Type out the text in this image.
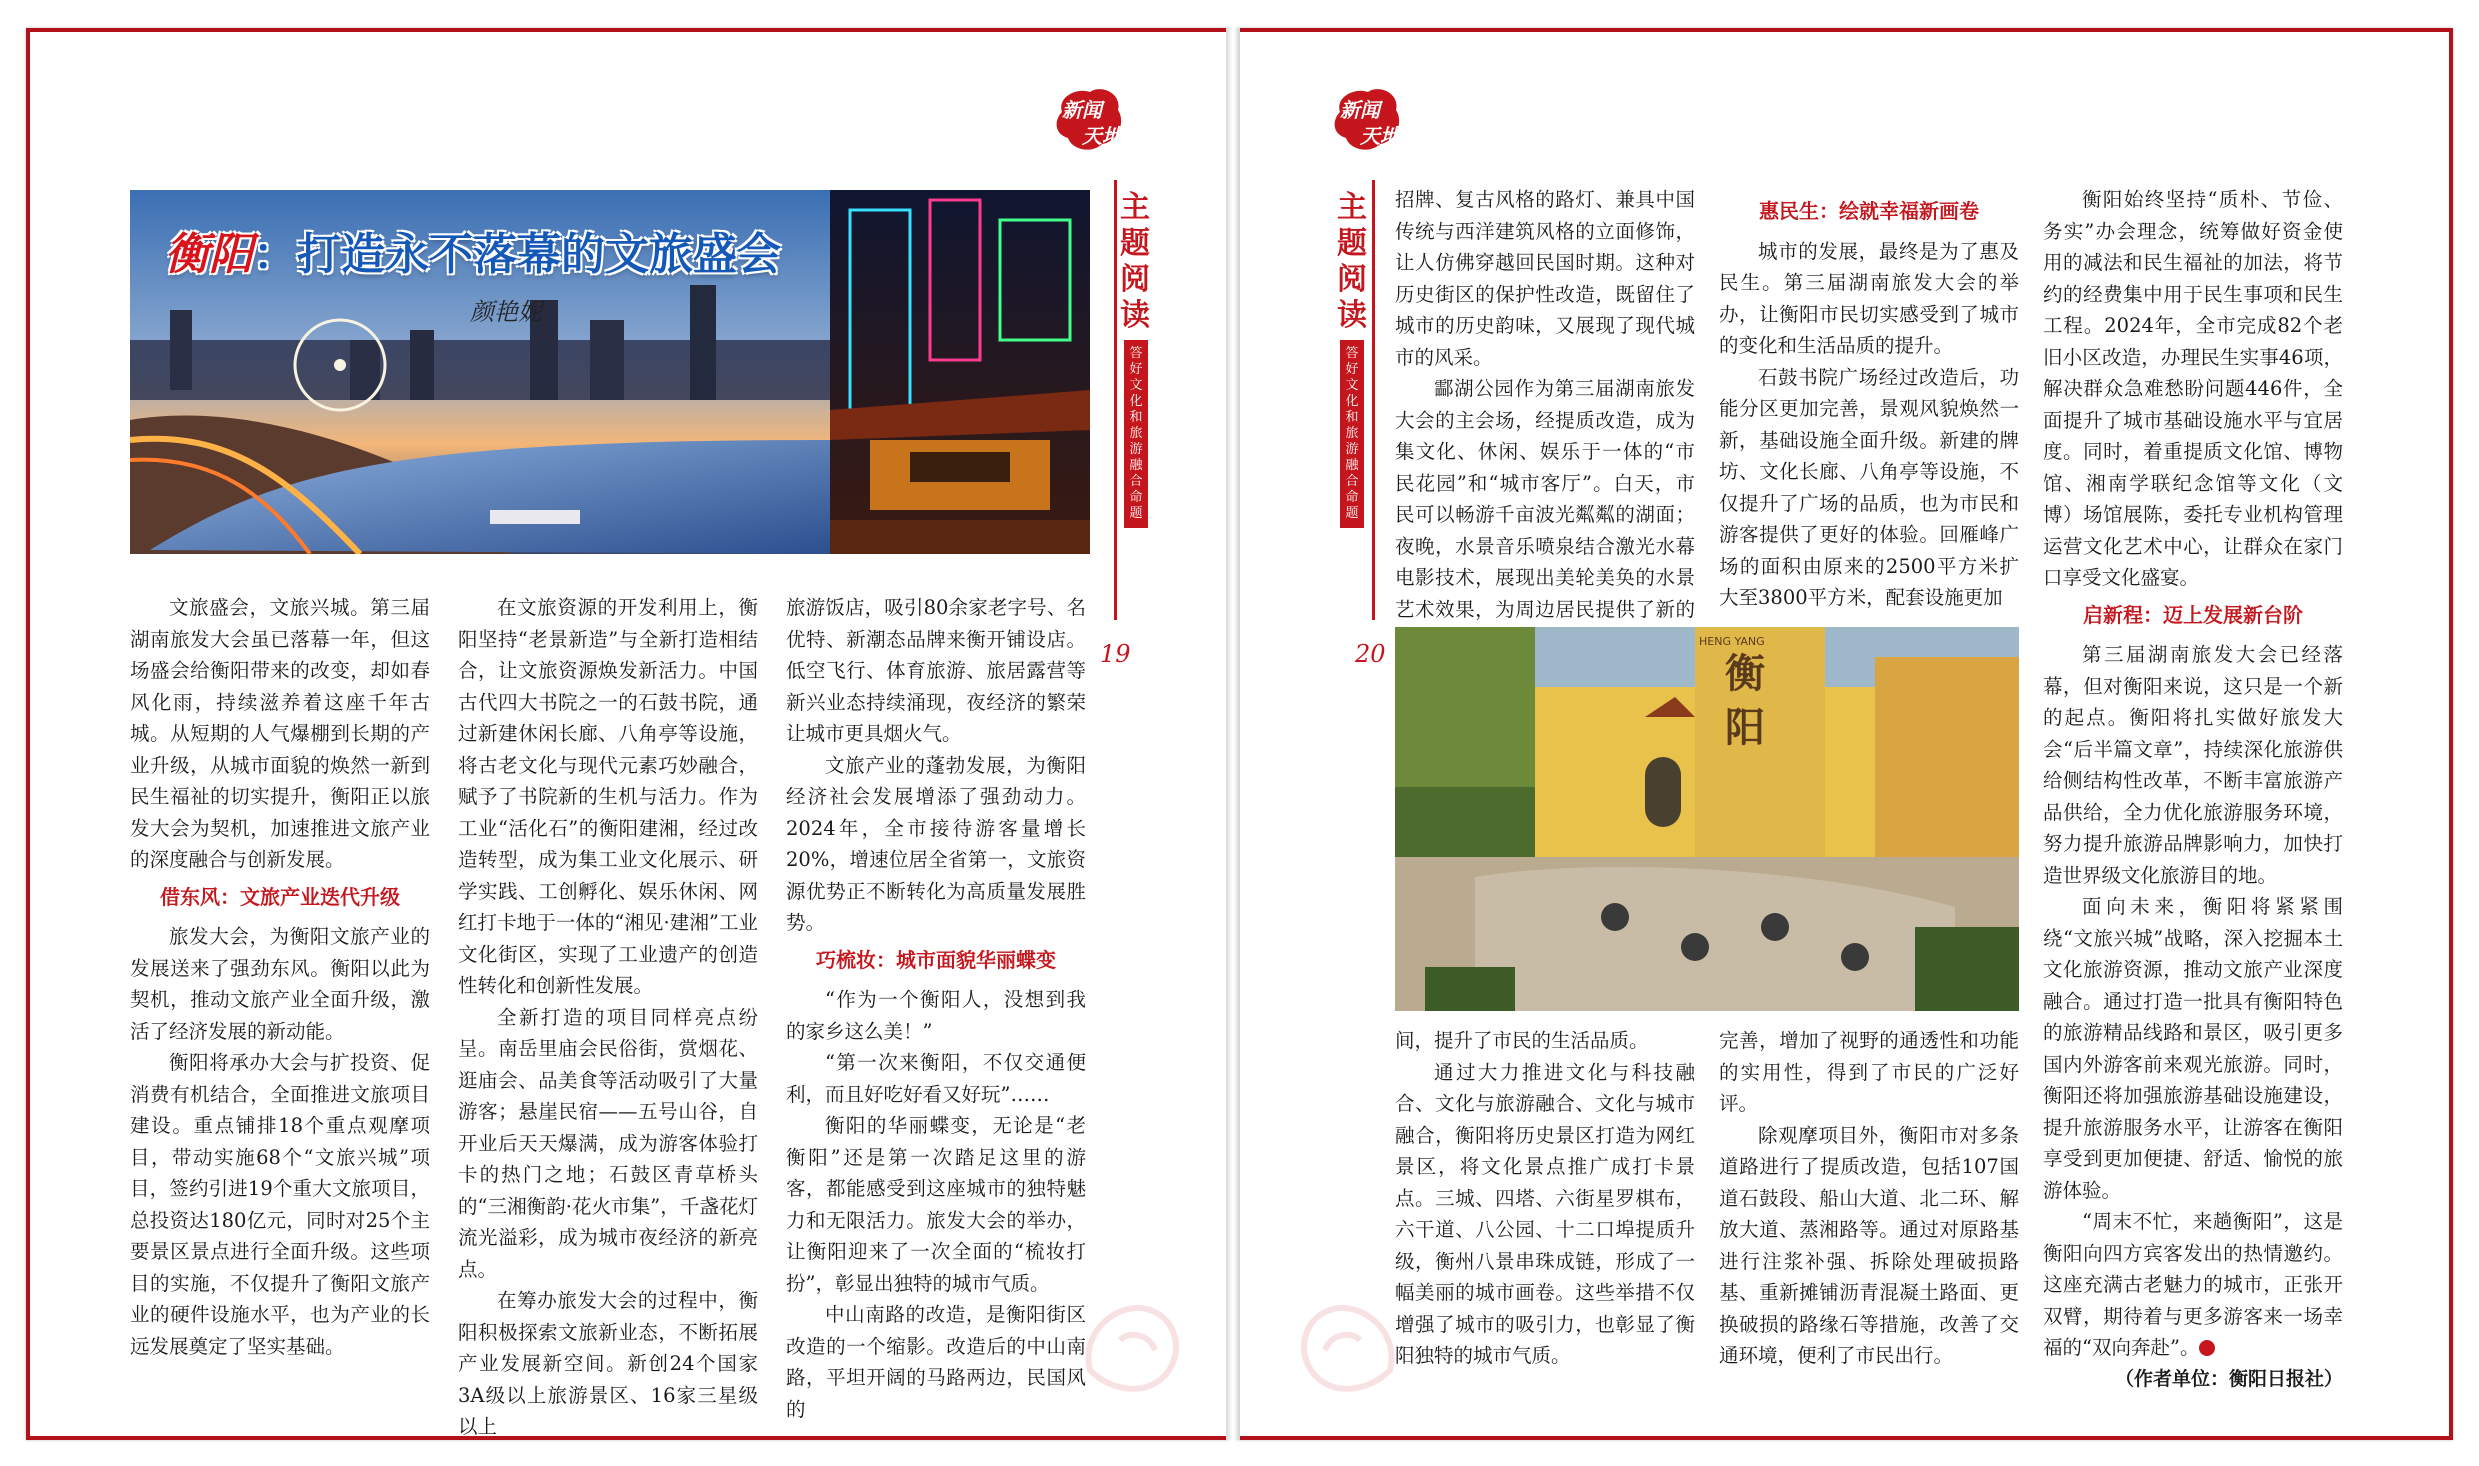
新闻
天地
主题阅读
答好文化和旅游融合命题
19
衡阳：打造永不落幕的文旅盛会
颜艳妮

文旅盛会，文旅兴城。第三届湖南旅发大会虽已落幕一年，但这场盛会给衡阳带来的改变，却如春风化雨，持续滋养着这座千年古城。从短期的人气爆棚到长期的产业升级，从城市面貌的焕然一新到民生福祉的切实提升，衡阳正以旅发大会为契机，加速推进文旅产业的深度融合与创新发展。

借东风：文旅产业迭代升级

旅发大会，为衡阳文旅产业的发展送来了强劲东风。衡阳以此为契机，推动文旅产业全面升级，激活了经济发展的新动能。

衡阳将承办大会与扩投资、促消费有机结合，全面推进文旅项目建设。重点铺排18个重点观摩项目，带动实施68个“文旅兴城”项目，签约引进19个重大文旅项目，总投资达180亿元，同时对25个主要景区景点进行全面升级。这些项目的实施，不仅提升了衡阳文旅产业的硬件设施水平，也为产业的长远发展奠定了坚实基础。

在文旅资源的开发利用上，衡阳坚持“老景新造”与全新打造相结合，让文旅资源焕发新活力。中国古代四大书院之一的石鼓书院，通过新建休闲长廊、八角亭等设施，将古老文化与现代元素巧妙融合，赋予了书院新的生机与活力。作为工业“活化石”的衡阳建湘，经过改造转型，成为集工业文化展示、研学实践、工创孵化、娱乐休闲、网红打卡地于一体的“湘见·建湘”工业文化街区，实现了工业遗产的创造性转化和创新性发展。

全新打造的项目同样亮点纷呈。南岳里庙会民俗街，赏烟花、逛庙会、品美食等活动吸引了大量游客；悬崖民宿——五号山谷，自开业后天天爆满，成为游客体验打卡的热门之地；石鼓区青草桥头的“三湘衡韵·花火市集”，千盏花灯流光溢彩，成为城市夜经济的新亮点。

在筹办旅发大会的过程中，衡阳积极探索文旅新业态，不断拓展产业发展新空间。新创24个国家3A级以上旅游景区、16家三星级以上

旅游饭店，吸引80余家老字号、名优特、新潮态品牌来衡开铺设店。低空飞行、体育旅游、旅居露营等新兴业态持续涌现，夜经济的繁荣让城市更具烟火气。

文旅产业的蓬勃发展，为衡阳经济社会发展增添了强劲动力。2024年，全市接待游客量增长20%，增速位居全省第一，文旅资源优势正不断转化为高质量发展胜势。

巧梳妆：城市面貌华丽蝶变

“作为一个衡阳人，没想到我的家乡这么美！”

“第一次来衡阳，不仅交通便利，而且好吃好看又好玩”……

衡阳的华丽蝶变，无论是“老衡阳”还是第一次踏足这里的游客，都能感受到这座城市的独特魅力和无限活力。旅发大会的举办，让衡阳迎来了一次全面的“梳妆打扮”，彰显出独特的城市气质。

中山南路的改造，是衡阳街区改造的一个缩影。改造后的中山南路，平坦开阔的马路两边，民国风的

新闻
天地
主题阅读
答好文化和旅游融合命题
20

招牌、复古风格的路灯、兼具中国传统与西洋建筑风格的立面修饰，让人仿佛穿越回民国时期。这种对历史街区的保护性改造，既留住了城市的历史韵味，又展现了现代城市的风采。

酃湖公园作为第三届湖南旅发大会的主会场，经提质改造，成为集文化、休闲、娱乐于一体的“市民花园”和“城市客厅”。白天，市民可以畅游千亩波光粼粼的湖面；夜晚，水景音乐喷泉结合激光水幕电影技术，展现出美轮美奂的水景艺术效果，为周边居民提供了新的

惠民生：绘就幸福新画卷

城市的发展，最终是为了惠及民生。第三届湖南旅发大会的举办，让衡阳市民切实感受到了城市的变化和生活品质的提升。

石鼓书院广场经过改造后，功能分区更加完善，景观风貌焕然一新，基础设施全面升级。新建的牌坊、文化长廊、八角亭等设施，不仅提升了广场的品质，也为市民和游客提供了更好的体验。回雁峰广场的面积由原来的2500平方米扩大至3800平方米，配套设施更加

衡阳
HENG YANG

间，提升了市民的生活品质。

通过大力推进文化与科技融合、文化与旅游融合、文化与城市融合，衡阳将历史景区打造为网红景区，将文化景点推广成打卡景点。三城、四塔、六街星罗棋布，六干道、八公园、十二口埠提质升级，衡州八景串珠成链，形成了一幅美丽的城市画卷。这些举措不仅增强了城市的吸引力，也彰显了衡阳独特的城市气质。

完善，增加了视野的通透性和功能的实用性，得到了市民的广泛好评。

除观摩项目外，衡阳市对多条道路进行了提质改造，包括107国道石鼓段、船山大道、北二环、解放大道、蒸湘路等。通过对原路基进行注浆补强、拆除处理破损路基、重新摊铺沥青混凝土路面、更换破损的路缘石等措施，改善了交通环境，便利了市民出行。

衡阳始终坚持“质朴、节俭、务实”办会理念，统筹做好资金使用的减法和民生福祉的加法，将节约的经费集中用于民生事项和民生工程。2024年，全市完成82个老旧小区改造，办理民生实事46项，解决群众急难愁盼问题446件，全面提升了城市基础设施水平与宜居度。同时，着重提质文化馆、博物馆、湘南学联纪念馆等文化（文博）场馆展陈，委托专业机构管理运营文化艺术中心，让群众在家门口享受文化盛宴。

启新程：迈上发展新台阶

第三届湖南旅发大会已经落幕，但对衡阳来说，这只是一个新的起点。衡阳将扎实做好旅发大会“后半篇文章”，持续深化旅游供给侧结构性改革，不断丰富旅游产品供给，全力优化旅游服务环境，努力提升旅游品牌影响力，加快打造世界级文化旅游目的地。

面向未来，衡阳将紧紧围绕“文旅兴城”战略，深入挖掘本土文化旅游资源，推动文旅产业深度融合。通过打造一批具有衡阳特色的旅游精品线路和景区，吸引更多国内外游客前来观光旅游。同时，衡阳还将加强旅游基础设施建设，提升旅游服务水平，让游客在衡阳享受到更加便捷、舒适、愉悦的旅游体验。

“周末不忙，来趟衡阳”，这是衡阳向四方宾客发出的热情邀约。这座充满古老魅力的城市，正张开双臂，期待着与更多游客来一场幸福的“双向奔赴”。

（作者单位：衡阳日报社）
